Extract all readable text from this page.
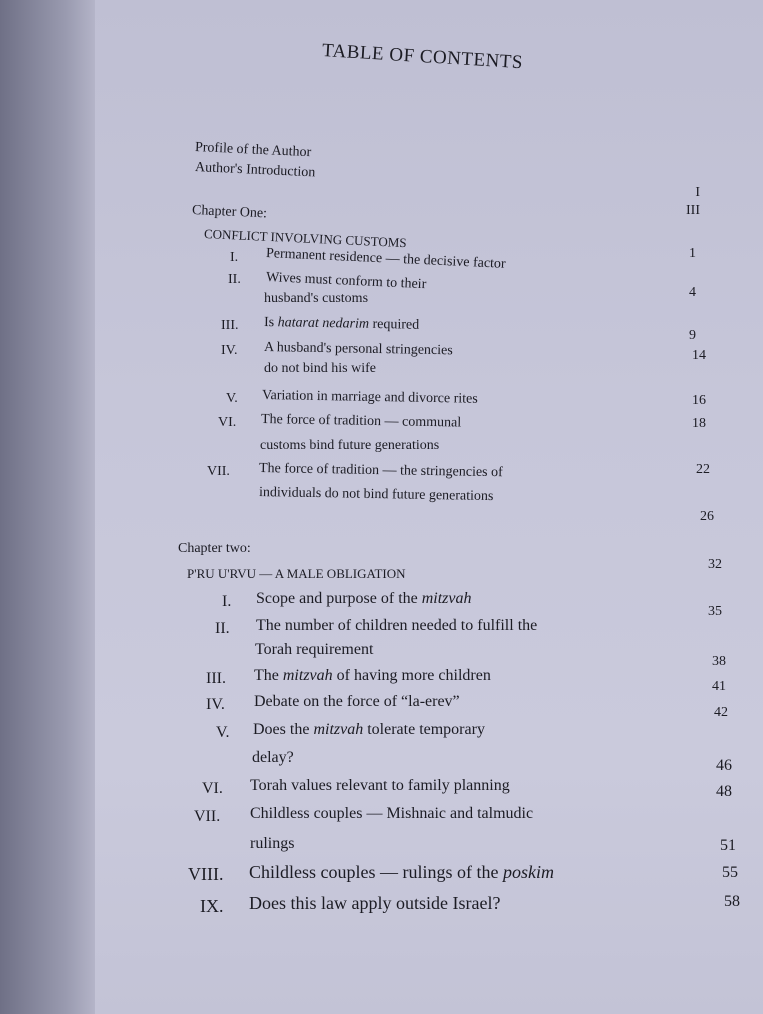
TABLE OF CONTENTS
Profile of the Author
Author's Introduction
I
III
Chapter One:
CONFLICT INVOLVING CUSTOMS
I. Permanent residence — the decisive factor
II. Wives must conform to their
husband's customs
III. Is hatarat nedarim required
IV. A husband's personal stringencies
do not bind his wife
V. Variation in marriage and divorce rites
VI. The force of tradition — communal
customs bind future generations
VII. The force of tradition — the stringencies of
individuals do not bind future generations
1
4
9
14
16
18
22
26
Chapter two:
P'RU U'RVU — A MALE OBLIGATION
I. Scope and purpose of the mitzvah
II. The number of children needed to fulfill the
Torah requirement
III. The mitzvah of having more children
IV. Debate on the force of “la-erev”
V. Does the mitzvah tolerate temporary
delay?
VI. Torah values relevant to family planning
VII. Childless couples — Mishnaic and talmudic
rulings
VIII. Childless couples — rulings of the poskim
IX. Does this law apply outside Israel?
32
35
38
41
42
46
48
51
55
58
